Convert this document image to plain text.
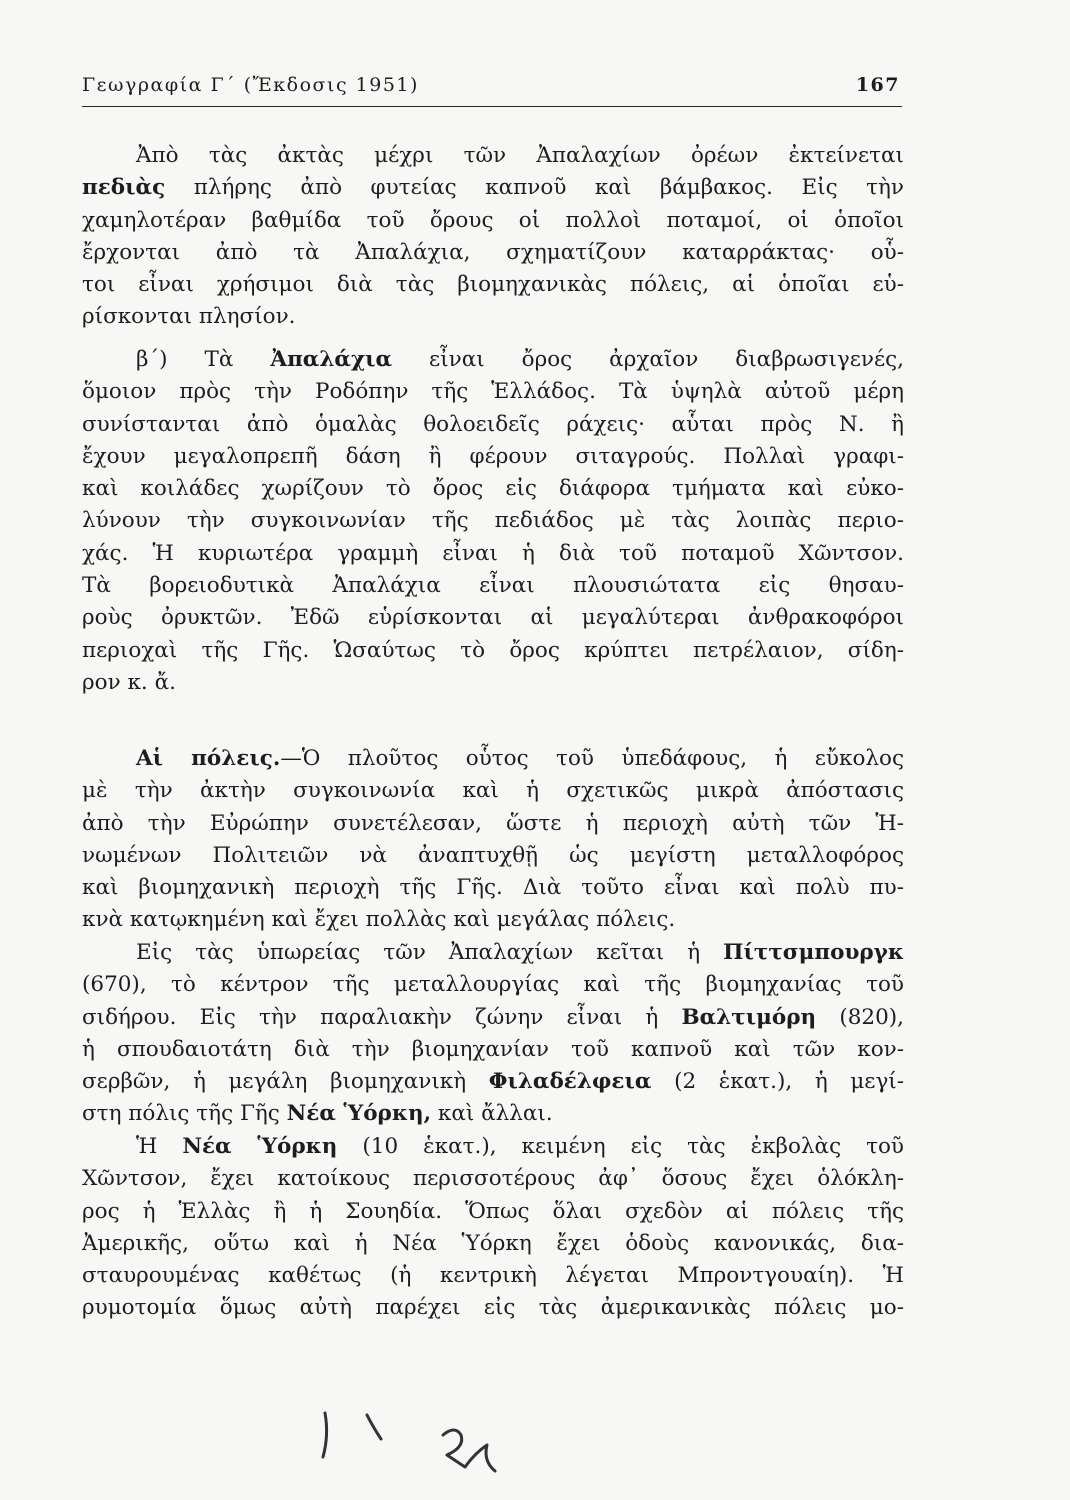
Γεωγραφία Γ΄ (Ἔκδοσις 1951)	167
Ἀπὸ τὰς ἀκτὰς μέχρι τῶν Ἀπαλαχίων ὀρέων ἐκτείνεται
πεδιὰς πλήρης ἀπὸ φυτείας καπνοῦ καὶ βάμβακος. Εἰς τὴν
χαμηλοτέραν βαθμίδα τοῦ ὄρους οἱ πολλοὶ ποταμοί, οἱ ὁποῖοι
ἔρχονται ἀπὸ τὰ Ἀπαλάχια, σχηματίζουν καταρράκτας· οὗ-
τοι εἶναι χρήσιμοι διὰ τὰς βιομηχανικὰς πόλεις, αἱ ὁποῖαι εὑ-
ρίσκονται πλησίον.
β΄) Τὰ Ἀπαλάχια εἶναι ὄρος ἀρχαῖον διαβρωσιγενές,
ὅμοιον πρὸς τὴν Ροδόπην τῆς Ἑλλάδος. Τὰ ὑψηλὰ αὐτοῦ μέρη
συνίστανται ἀπὸ ὁμαλὰς θολοειδεῖς ράχεις· αὗται πρὸς Ν. ἢ
ἔχουν μεγαλοπρεπῆ δάση ἢ φέρουν σιταγρούς. Πολλαὶ γραφι-
καὶ κοιλάδες χωρίζουν τὸ ὄρος εἰς διάφορα τμήματα καὶ εὐκο-
λύνουν τὴν συγκοινωνίαν τῆς πεδιάδος μὲ τὰς λοιπὰς περιο-
χάς. Ἡ κυριωτέρα γραμμὴ εἶναι ἡ διὰ τοῦ ποταμοῦ Χῶντσον.
Τὰ βορειοδυτικὰ Ἀπαλάχια εἶναι πλουσιώτατα εἰς θησαυ-
ροὺς ὀρυκτῶν. Ἐδῶ εὑρίσκονται αἱ μεγαλύτεραι ἀνθρακοφόροι
περιοχαὶ τῆς Γῆς. Ὡσαύτως τὸ ὄρος κρύπτει πετρέλαιον, σίδη-
ρον κ. ἄ.
Αἱ πόλεις.—Ὁ πλοῦτος οὗτος τοῦ ὑπεδάφους, ἡ εὔκολος
μὲ τὴν ἀκτὴν συγκοινωνία καὶ ἡ σχετικῶς μικρὰ ἀπόστασις
ἀπὸ τὴν Εὐρώπην συνετέλεσαν, ὥστε ἡ περιοχὴ αὐτὴ τῶν Ἡ-
νωμένων Πολιτειῶν νὰ ἀναπτυχθῇ ὡς μεγίστη μεταλλοφόρος
καὶ βιομηχανικὴ περιοχὴ τῆς Γῆς. Διὰ τοῦτο εἶναι καὶ πολὺ πυ-
κνὰ κατῳκημένη καὶ ἔχει πολλὰς καὶ μεγάλας πόλεις.
Εἰς τὰς ὑπωρείας τῶν Ἀπαλαχίων κεῖται ἡ Πίττσμπουργκ
(670), τὸ κέντρον τῆς μεταλλουργίας καὶ τῆς βιομηχανίας τοῦ
σιδήρου. Εἰς τὴν παραλιακὴν ζώνην εἶναι ἡ Βαλτιμόρη (820),
ἡ σπουδαιοτάτη διὰ τὴν βιομηχανίαν τοῦ καπνοῦ καὶ τῶν κον-
σερβῶν, ἡ μεγάλη βιομηχανικὴ Φιλαδέλφεια (2 ἑκατ.), ἡ μεγί-
στη πόλις τῆς Γῆς Νέα Ὑόρκη, καὶ ἄλλαι.
Ἡ Νέα Ὑόρκη (10 ἑκατ.), κειμένη εἰς τὰς ἐκβολὰς τοῦ
Χῶντσον, ἔχει κατοίκους περισσοτέρους ἀφ᾿ ὅσους ἔχει ὁλόκλη-
ρος ἡ Ἑλλὰς ἢ ἡ Σουηδία. Ὅπως ὅλαι σχεδὸν αἱ πόλεις τῆς
Ἀμερικῆς, οὕτω καὶ ἡ Νέα Ὑόρκη ἔχει ὁδοὺς κανονικάς, δια-
σταυρουμένας καθέτως (ἡ κεντρικὴ λέγεται Μπροντγουαίη). Ἡ
ρυμοτομία ὅμως αὐτὴ παρέχει εἰς τὰς ἀμερικανικὰς πόλεις μο-
